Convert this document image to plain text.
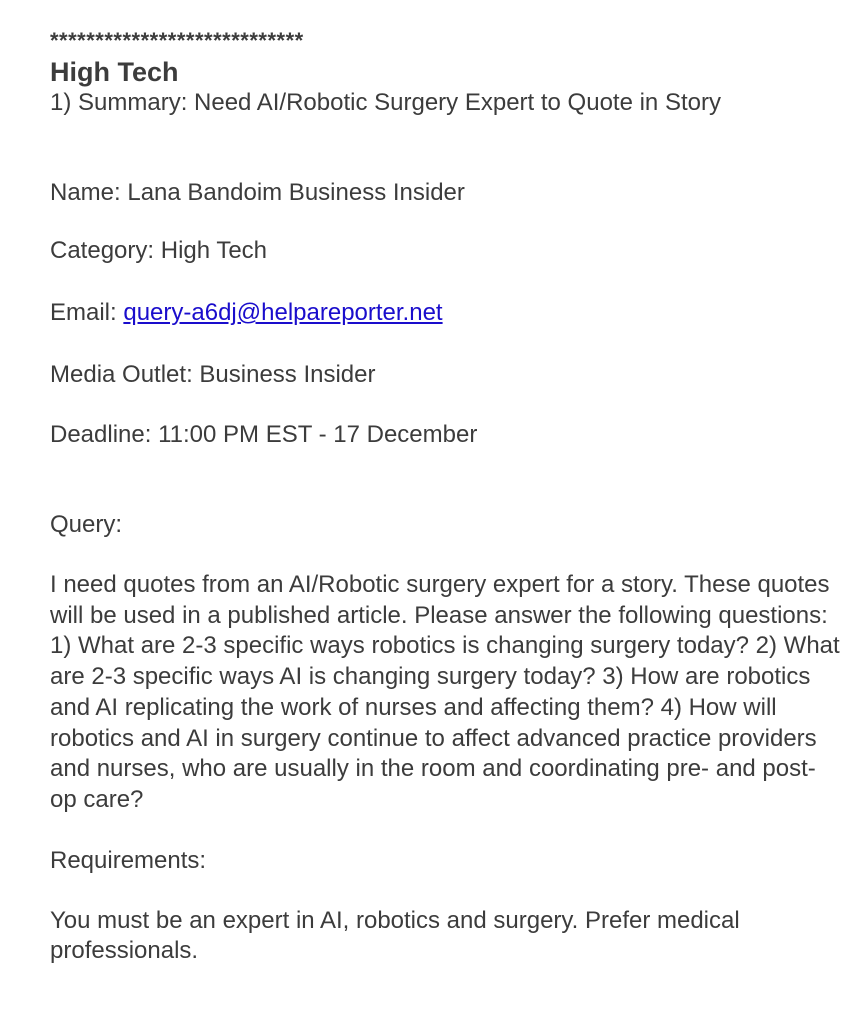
****************************
High Tech
1) Summary: Need AI/Robotic Surgery Expert to Quote in Story
Name: Lana Bandoim Business Insider
Category: High Tech
Email: query-a6dj@helpareporter.net
Media Outlet: Business Insider
Deadline: 11:00 PM EST - 17 December
Query:
I need quotes from an AI/Robotic surgery expert for a story. These quotes will be used in a published article. Please answer the following questions: 1) What are 2-3 specific ways robotics is changing surgery today? 2) What are 2-3 specific ways AI is changing surgery today? 3) How are robotics and AI replicating the work of nurses and affecting them? 4) How will robotics and AI in surgery continue to affect advanced practice providers and nurses, who are usually in the room and coordinating pre- and post-op care?
Requirements:
You must be an expert in AI, robotics and surgery. Prefer medical professionals.
